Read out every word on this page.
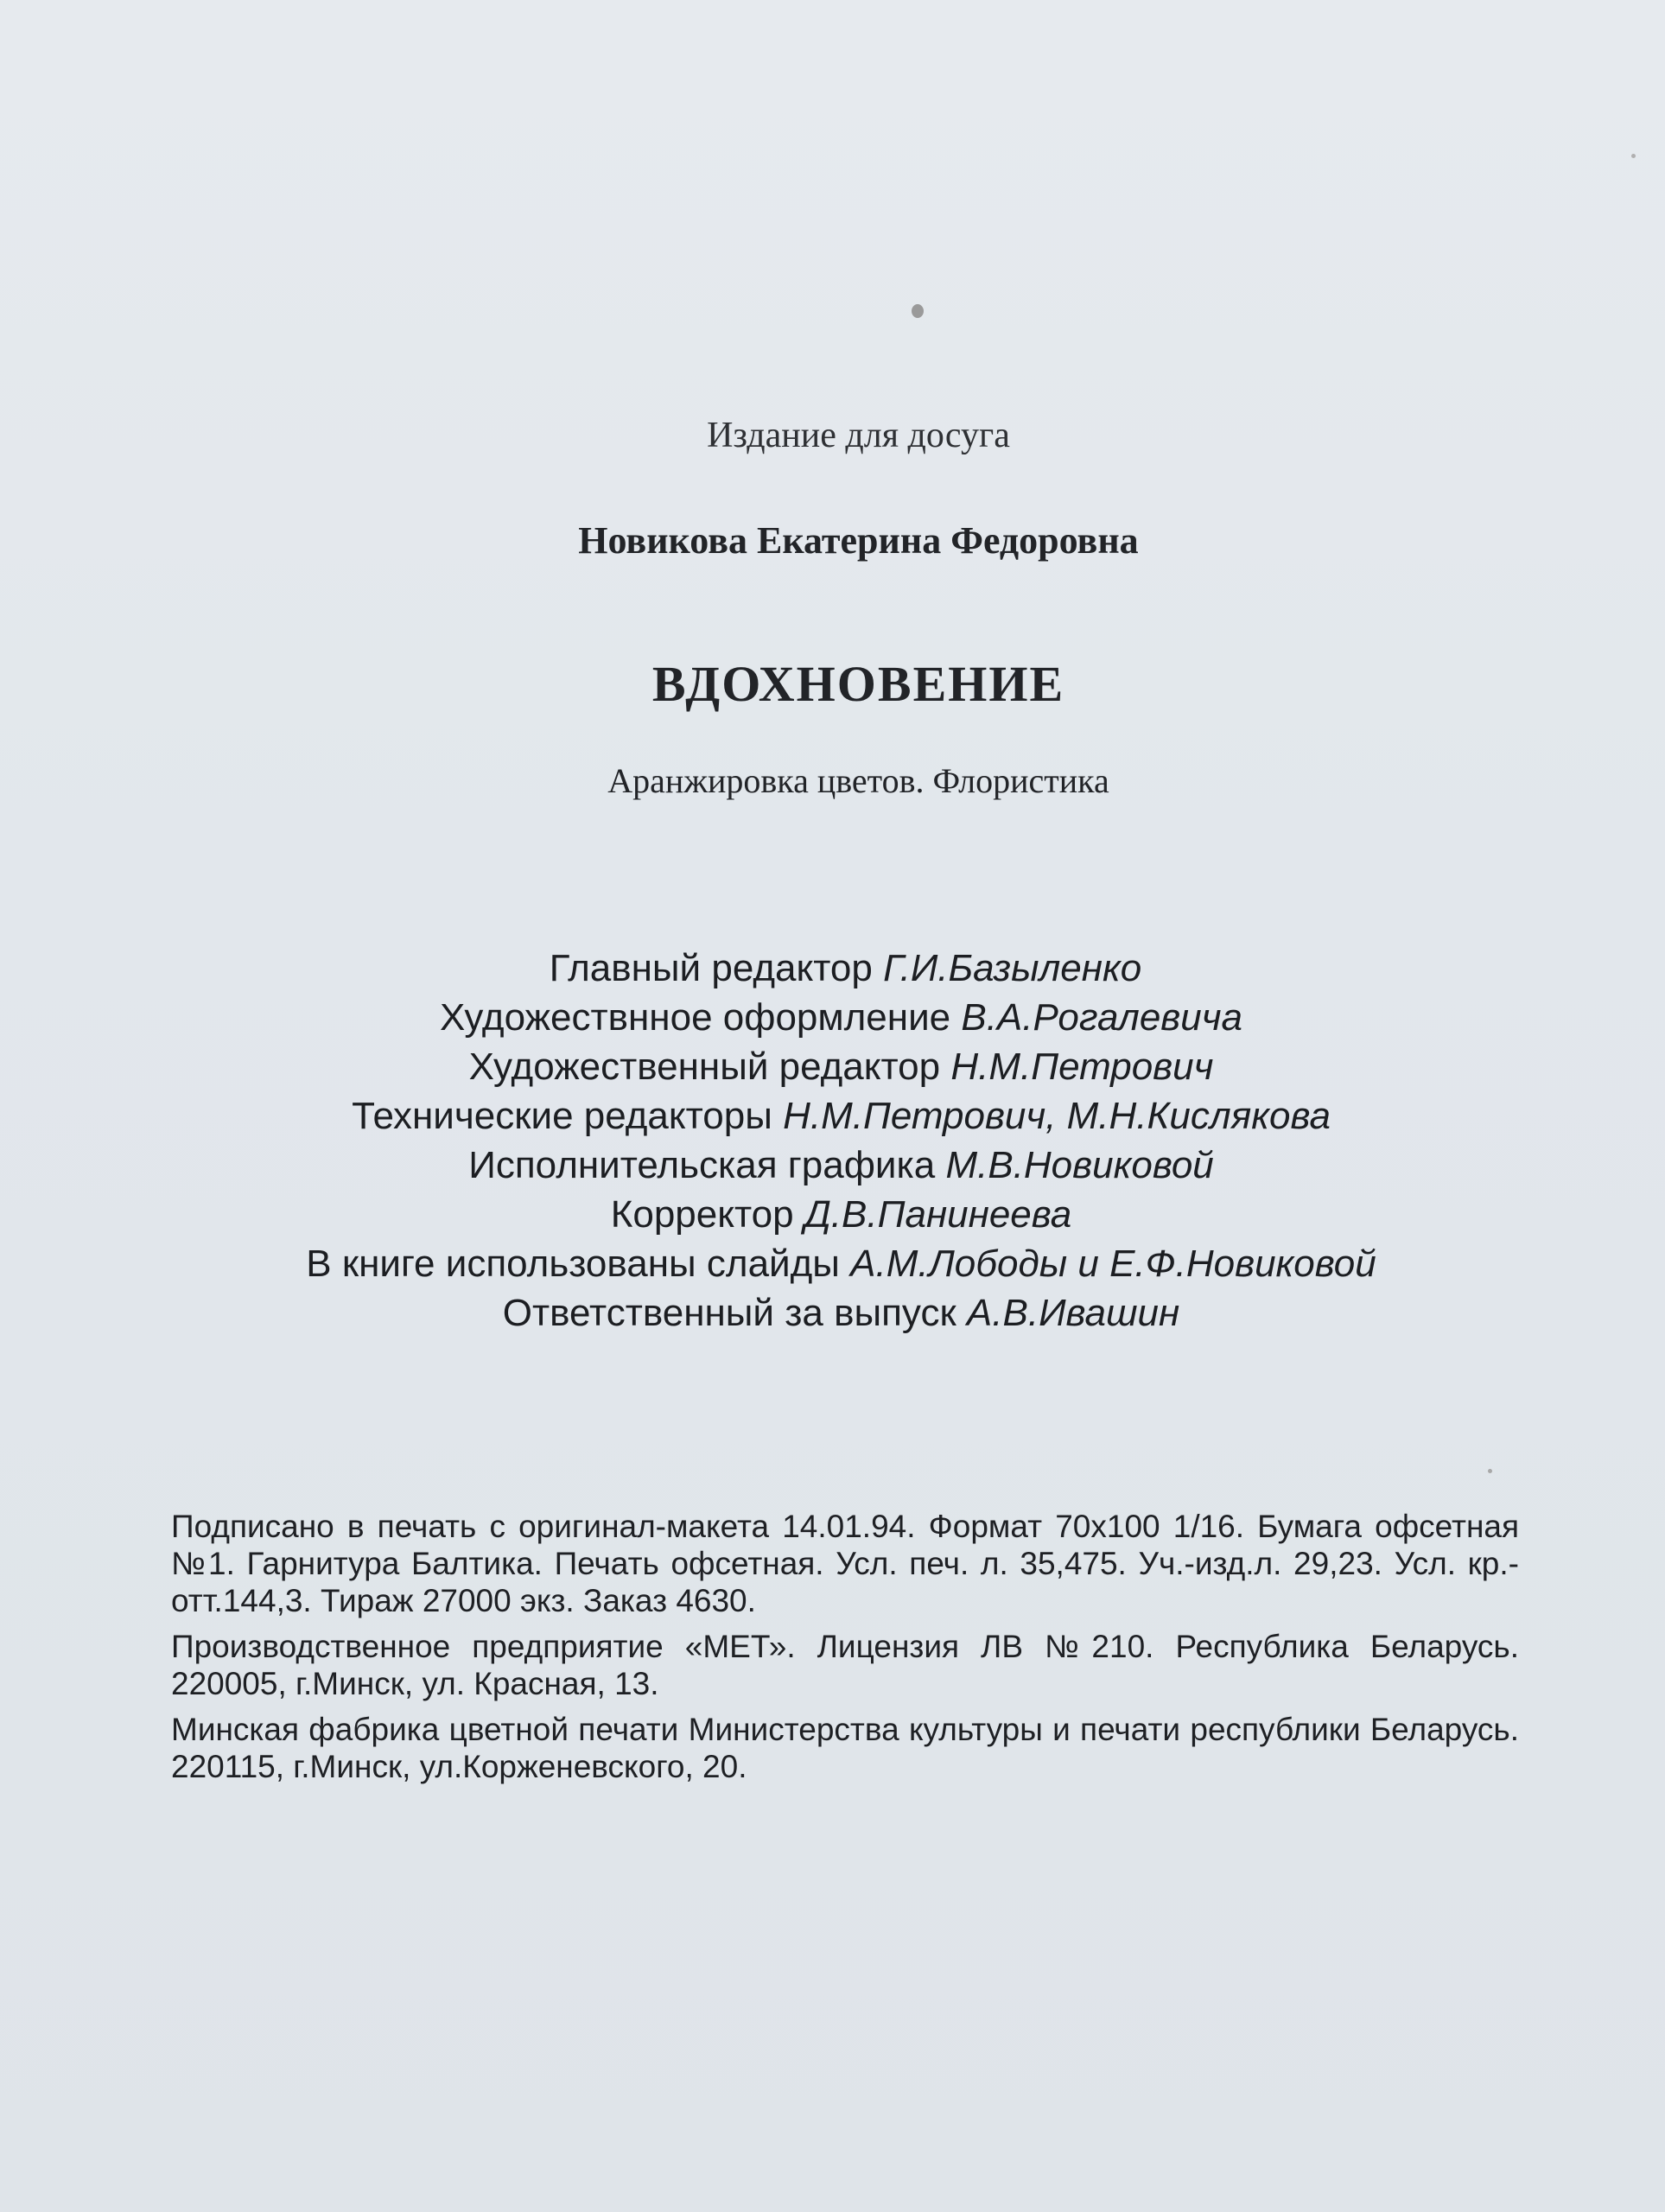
Издание для досуга
Новикова Екатерина Федоровна
ВДОХНОВЕНИЕ
Аранжировка цветов. Флористика
Главный редактор Г.И.Базыленко
Художествнное оформление В.А.Рогалевича
Художественный редактор Н.М.Петрович
Технические редакторы Н.М.Петрович, М.Н.Кислякова
Исполнительская графика М.В.Новиковой
Корректор Д.В.Панинеева
В книге использованы слайды А.М.Лободы и Е.Ф.Новиковой
Ответственный за выпуск А.В.Ивашин

Подписано в печать с оригинал-макета 14.01.94. Формат 70х100 1/16. Бумага офсетная №1. Гарнитура Балтика. Печать офсетная. Усл. печ. л. 35,475. Уч.-изд.л. 29,23. Усл. кр.-отт.144,3. Тираж 27000 экз. Заказ 4630.

Производственное предприятие «МЕТ». Лицензия ЛВ №210. Республика Беларусь. 220005, г.Минск, ул. Красная, 13.

Минская фабрика цветной печати Министерства культуры и печати республики Беларусь. 220115, г.Минск, ул.Корженевского, 20.
